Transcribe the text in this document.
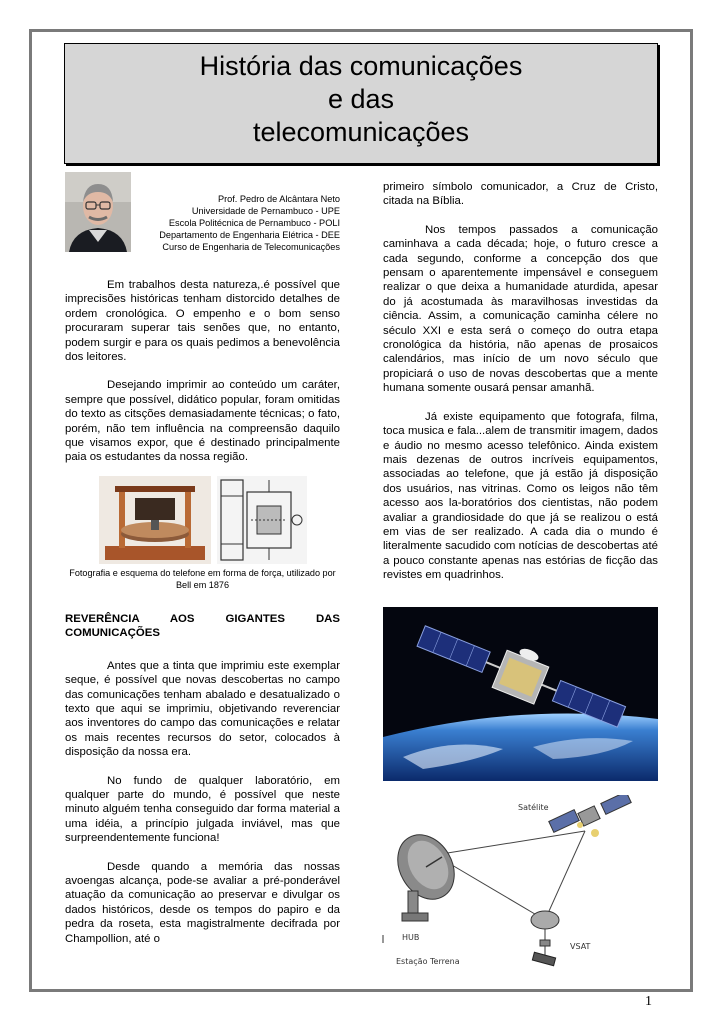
História das comunicações
e das
telecomunicações
Prof. Pedro de Alcântara Neto
Universidade de Pernambuco - UPE
Escola Politécnica de Pernambuco - POLI
Departamento de Engenharia Elétrica - DEE
Curso de Engenharia de Telecomunicações

Em trabalhos desta natureza,.é possível que imprecisões históricas tenham distorcido detalhes de ordem cronológica. O empenho e o bom senso procuraram superar tais senões que, no entanto, podem surgir e para os quais pedimos a benevolência dos leitores.

Desejando imprimir ao conteúdo um caráter, sempre que possível, didático popular, foram omitidas do texto as citsções demasiadamente técnicas; o fato, porém, não tem influência na compreensão daquilo que visamos expor, que é destinado principalmente paia os estudantes da nossa região.

Fotografia e esquema do telefone em forma de força, utilizado por Bell em 1876

REVERÊNCIA AOS GIGANTES DAS

COMUNICAÇÕES

Antes que a tinta que imprimiu este exemplar seque, é possível que novas descobertas no campo das comunicações tenham abalado e desatualizado o texto que aqui se imprimiu, objetivando reverenciar aos inventores do campo das comunicações e relatar os mais recentes recursos do setor, colocados à disposição da nossa era.

No fundo de qualquer laboratório, em qualquer parte do mundo, é possível que neste minuto alguém tenha conseguido dar forma material a uma idéia, a princípio julgada inviável, mas que surpreendentemente funciona!

Desde quando a memória das nossas avoengas alcança, pode-se avaliar a pré-ponderável atuação da comunicação ao preservar e divulgar os dados históricos, desde os tempos do papiro e da pedra da roseta, esta magistralmente decifrada por Champollion, até o

primeiro símbolo comunicador, a Cruz de Cristo, citada na Bíblia.

Nos tempos passados a comunicação caminhava a cada década; hoje, o futuro cresce a cada segundo, conforme a concepção dos que pensam o aparentemente impensável e conseguem realizar o que deixa a humanidade aturdida, apesar do já acostumada às maravilhosas investidas da ciência. Assim, a comunicação caminha célere no século XXI e esta será o começo do outra etapa cronológica da história, não apenas de prosaicos calendários, mas início de um novo século que propiciará o uso de novas descobertas que a mente humana somente ousará pensar amanhã.

Já existe equipamento que fotografa, filma, toca musica e fala...alem de transmitir imagem, dados e áudio no mesmo acesso telefônico. Ainda existem mais dezenas de outros incríveis equipamentos, associadas ao telefone, que já estão já disposição dos usuários, nas vitrinas. Como os leigos não têm acesso aos la-boratórios dos cientistas, não podem avaliar a grandiosidade do que já se realizou o está em vias de ser realizado. A cada dia o mundo é literalmente sacudido com notícias de descobertas até a pouco constante apenas nas estórias de ficção das revistes em quadrinhos.

Satélite
HUB
VSAT
Estação Terrena
1
